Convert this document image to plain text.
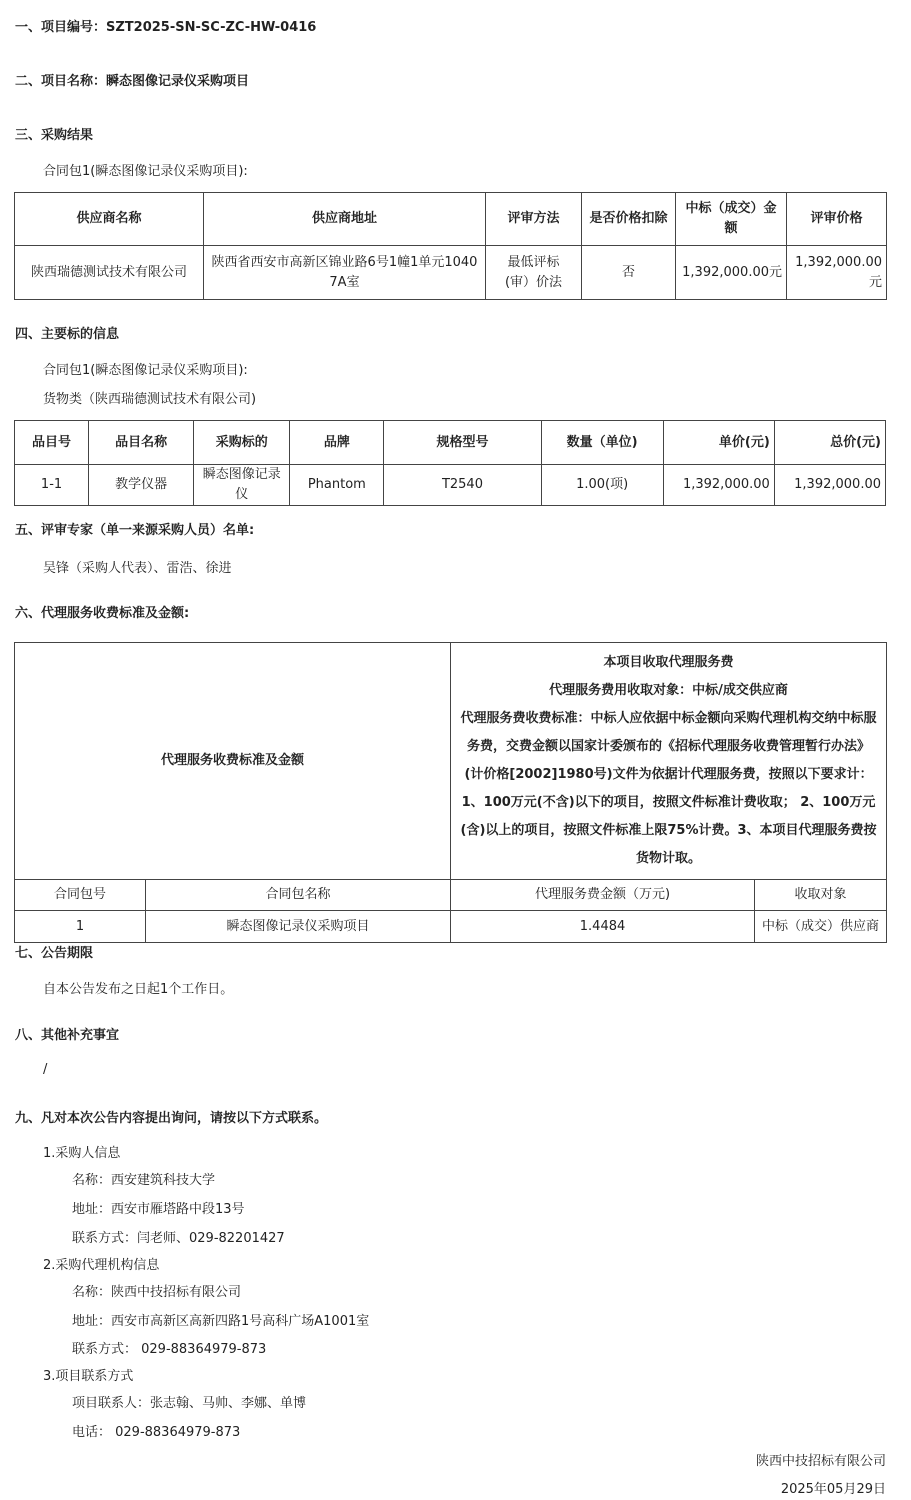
一、项目编号：SZT2025-SN-SC-ZC-HW-0416
二、项目名称：瞬态图像记录仪采购项目
三、采购结果
合同包1(瞬态图像记录仪采购项目):
供应商名称	供应商地址	评审方法	是否价格扣除	中标（成交）金额	评审价格
陕西瑞德测试技术有限公司	陕西省西安市高新区锦业路6号1幢1单元10407A室	最低评标(审）价法	否	1,392,000.00元	1,392,000.00元
四、主要标的信息
合同包1(瞬态图像记录仪采购项目):
货物类（陕西瑞德测试技术有限公司)
品目号	品目名称	采购标的	品牌	规格型号	数量（单位)	单价(元)	总价(元)
1-1	教学仪器	瞬态图像记录仪	Phantom	T2540	1.00(项)	1,392,000.00	1,392,000.00
五、评审专家（单一来源采购人员）名单:
吴锋（采购人代表）、雷浩、徐进
六、代理服务收费标准及金额:
代理服务收费标准及金额		本项目收取代理服务费
代理服务费用收取对象：中标/成交供应商
代理服务费收费标准：中标人应依据中标金额向采购代理机构交纳中标服务费，交费金额以国家计委颁布的《招标代理服务收费管理暂行办法》(计价格[2002]1980号)文件为依据计代理服务费，按照以下要求计： 1、100万元(不含)以下的项目，按照文件标准计费收取； 2、100万元(含)以上的项目，按照文件标准上限75%计费。3、本项目代理服务费按货物计取。	

合同包号	合同包名称	代理服务费金额（万元)	收取对象
1	瞬态图像记录仪采购项目	1.4484	中标（成交）供应商
七、公告期限
自本公告发布之日起1个工作日。
八、其他补充事宜
/
九、凡对本次公告内容提出询问，请按以下方式联系。
1.采购人信息
名称：西安建筑科技大学
地址：西安市雁塔路中段13号
联系方式：闫老师、029-82201427
2.采购代理机构信息
名称：陕西中技招标有限公司
地址：西安市高新区高新四路1号高科广场A1001室
联系方式： 029-88364979-873
3.项目联系方式
项目联系人：张志翰、马帅、李娜、单博
电话： 029-88364979-873
陕西中技招标有限公司
2025年05月29日
